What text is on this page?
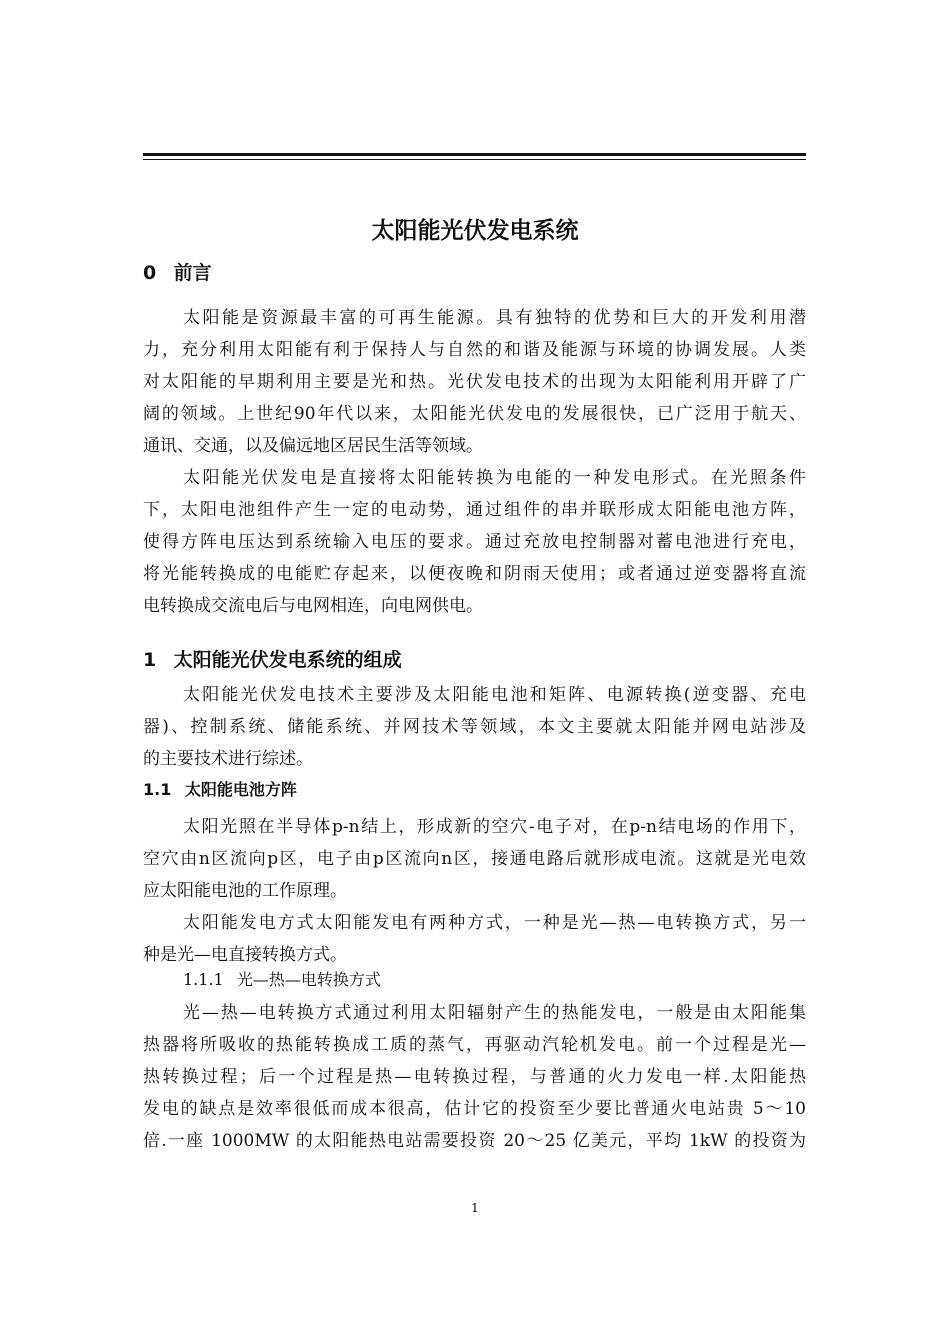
太阳能光伏发电系统
0 前言
太阳能是资源最丰富的可再生能源。具有独特的优势和巨大的开发利用潜
力，充分利用太阳能有利于保持人与自然的和谐及能源与环境的协调发展。人类
对太阳能的早期利用主要是光和热。光伏发电技术的出现为太阳能利用开辟了广
阔的领域。上世纪90年代以来，太阳能光伏发电的发展很快，已广泛用于航天、
通讯、交通，以及偏远地区居民生活等领域。
太阳能光伏发电是直接将太阳能转换为电能的一种发电形式。在光照条件
下，太阳电池组件产生一定的电动势，通过组件的串并联形成太阳能电池方阵，
使得方阵电压达到系统输入电压的要求。通过充放电控制器对蓄电池进行充电，
将光能转换成的电能贮存起来，以便夜晚和阴雨天使用；或者通过逆变器将直流
电转换成交流电后与电网相连，向电网供电。
1 太阳能光伏发电系统的组成
太阳能光伏发电技术主要涉及太阳能电池和矩阵、电源转换(逆变器、充电
器)、控制系统、储能系统、并网技术等领域，本文主要就太阳能并网电站涉及
的主要技术进行综述。
1.1 太阳能电池方阵
太阳光照在半导体p-n结上，形成新的空穴-电子对，在p-n结电场的作用下，
空穴由n区流向p区，电子由p区流向n区，接通电路后就形成电流。这就是光电效
应太阳能电池的工作原理。
太阳能发电方式太阳能发电有两种方式，一种是光—热—电转换方式，另一
种是光—电直接转换方式。
1.1.1 光—热—电转换方式
光—热—电转换方式通过利用太阳辐射产生的热能发电，一般是由太阳能集
热器将所吸收的热能转换成工质的蒸气，再驱动汽轮机发电。前一个过程是光—
热转换过程；后一个过程是热—电转换过程，与普通的火力发电一样.太阳能热
发电的缺点是效率很低而成本很高，估计它的投资至少要比普通火电站贵 5～10
倍.一座 1000MW 的太阳能热电站需要投资 20～25 亿美元，平均 1kW 的投资为
1
